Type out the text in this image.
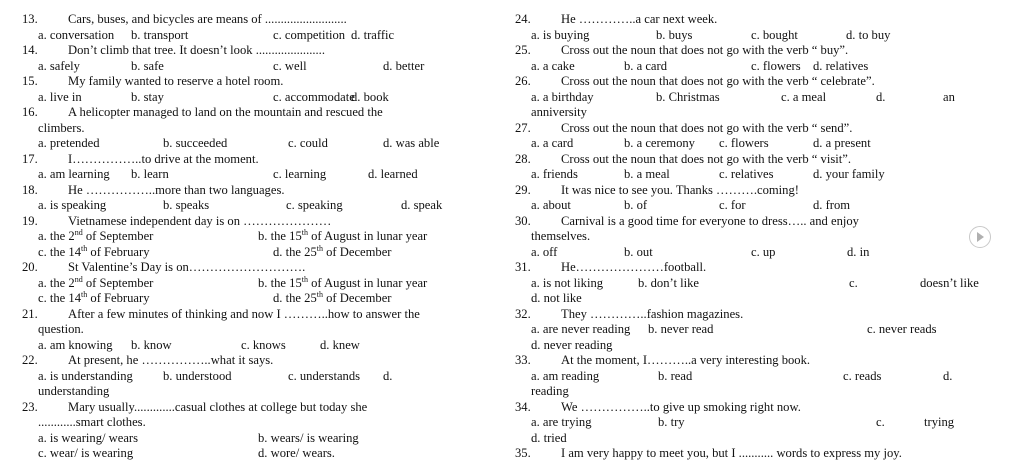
13.	Cars, buses, and bicycles are means of ..........................
a. conversation b. transport	c. competition d. traffic
14.	Don’t climb that tree. It doesn’t look ......................
a. safely	b. safe	c. well	d. better
15.	My family wanted to reserve a hotel room.
a. live in	b. stay	c. accommodate
d. book
16.	A helicopter managed to land on the mountain and rescued the
climbers.
a. pretended	b. succeeded	c. could	d. was able
17.	I……………..to drive at the moment.
a. am learning b. learn	c. learning	d. learned
18.	He ……………..more than two languages.
a. is speaking	b. speaks	c. speaking	d. speak
19.	Vietnamese independent day is on …………………
a. the 2nd of September	b. the 15th of August in lunar year
c. the 14th of February	d. the 25th of December
20.	St Valentine’s Day is on……………………….
a. the 2nd of September	b. the 15th of August in lunar year
c. the 14th of February	d. the 25th of December
21.	After a few minutes of thinking and now I ………..how to answer the
question.
a. am knowing b. know	c. knows	d. knew
22.	At present, he ……………..what it says.
a. is understanding b. understood	c. understands d.
understanding
23.	Mary usually.............casual clothes at college but today she
............smart clothes.
a. is wearing/ wears	b. wears/ is wearing
c. wear/ is wearing	d. wore/ wears.
24.	He …………..a car next week.
a. is buying	b. buys	c. bought	d. to buy
25.	Cross out the noun that does not go with the verb “ buy”.
a. a cake	b. a card	c. flowers d. relatives
26.	Cross out the noun that does not go with the verb “ celebrate”.
a. a birthday	b. Christmas	c. a meal	d.	an
anniversity
27.	Cross out the noun that does not go with the verb “ send”.
a. a card	b. a ceremony c. flowers	d. a present
28.	Cross out the noun that does not go with the verb “ visit”.
a. friends	b. a meal	c. relatives	d. your family
29.	It was nice to see you. Thanks ……….coming!
a. about	b. of	c. for	d. from
30.	Carnival is a good time for everyone to dress….. and enjoy
themselves.
a. off	b. out	c. up	d. in
31.	He…………………football.
a. is not liking	b. don’t like	c.	doesn’t like
d. not like
32.	They …………..fashion magazines.
a. are never reading b. never read	c. never reads
d. never reading
33.	At the moment, I………..a very interesting book.
a. am reading	b. read	c. reads	d.
reading
34.	We ……………..to give up smoking right now.
a. are trying	b. try	c.	trying
d. tried
35.	I am very happy to meet you, but I ........... words to express my joy.
